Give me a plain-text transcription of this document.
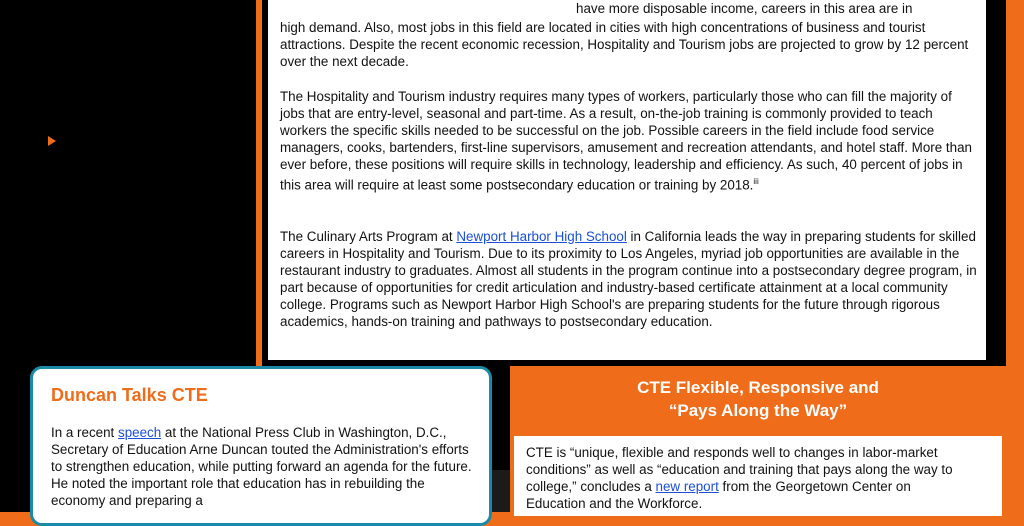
have more disposable income, careers in this area are in

high demand. Also, most jobs in this field are located in cities with high concentrations of business and tourist attractions. Despite the recent economic recession, Hospitality and Tourism jobs are projected to grow by 12 percent over the next decade.

The Hospitality and Tourism industry requires many types of workers, particularly those who can fill the majority of jobs that are entry-level, seasonal and part-time. As a result, on-the-job training is commonly provided to teach workers the specific skills needed to be successful on the job. Possible careers in the field include food service managers, cooks, bartenders, first-line supervisors, amusement and recreation attendants, and hotel staff. More than ever before, these positions will require skills in technology, leadership and efficiency. As such, 40 percent of jobs in this area will require at least some postsecondary education or training by 2018.$^{iii}$

The Culinary Arts Program at Newport Harbor High School in California leads the way in preparing students for skilled careers in Hospitality and Tourism. Due to its proximity to Los Angeles, myriad job opportunities are available in the restaurant industry to graduates. Almost all students in the program continue into a postsecondary degree program, in part because of opportunities for credit articulation and industry-based certificate attainment at a local community college. Programs such as Newport Harbor High School's are preparing students for the future through rigorous academics, hands-on training and pathways to postsecondary education.

Duncan Talks CTE

In a recent speech at the National Press Club in Washington, D.C., Secretary of Education Arne Duncan touted the Administration's efforts to strengthen education, while putting forward an agenda for the future. He noted the important role that education has in rebuilding the economy and preparing a

CTE Flexible, Responsive and
“Pays Along the Way”

CTE is “unique, flexible and responds well to changes in labor-market conditions” as well as “education and training that pays along the way to college,” concludes a new report from the Georgetown Center on Education and the Workforce.
